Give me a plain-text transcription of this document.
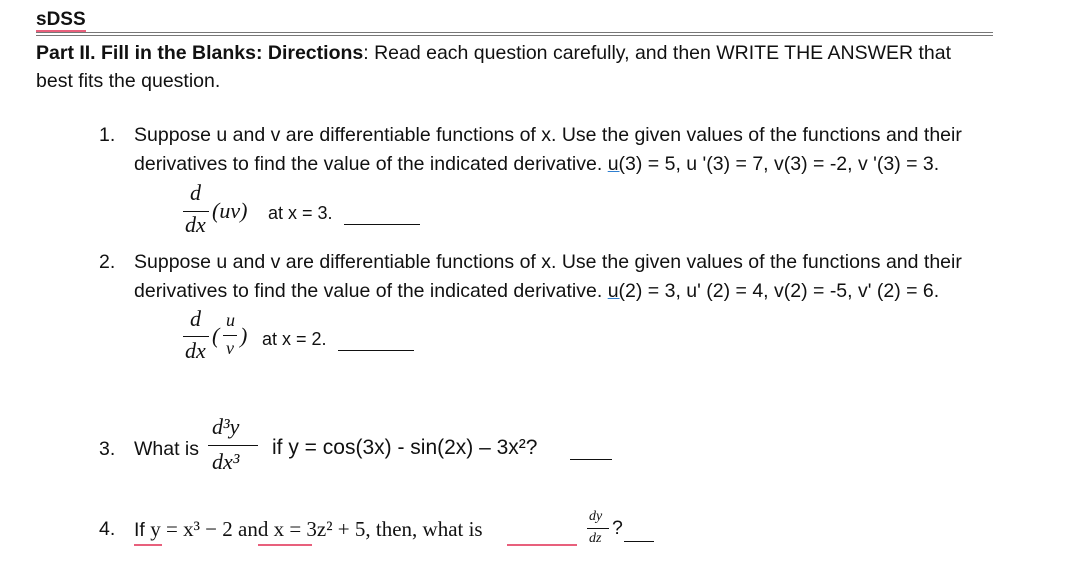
sDSS
Part II. Fill in the Blanks: Directions: Read each question carefully, and then WRITE THE ANSWER that
best fits the question.
1. Suppose u and v are differentiable functions of x. Use the given values of the functions and their
derivatives to find the value of the indicated derivative. u(3) = 5, u '(3) = 7, v(3) = -2, v '(3) = 3.
d
dx
(uv) at x = 3.
2. Suppose u and v are differentiable functions of x. Use the given values of the functions and their
derivatives to find the value of the indicated derivative. u(2) = 3, u' (2) = 4, v(2) = -5, v' (2) = 6.
d
dx
(
u
v ) at x = 2.
3. What is
d³y
dx³
if y = cos(3x) - sin(2x) – 3x²?
4. If y = x³ − 2 and x = 3z² + 5, then, what is
dy
dz ?
